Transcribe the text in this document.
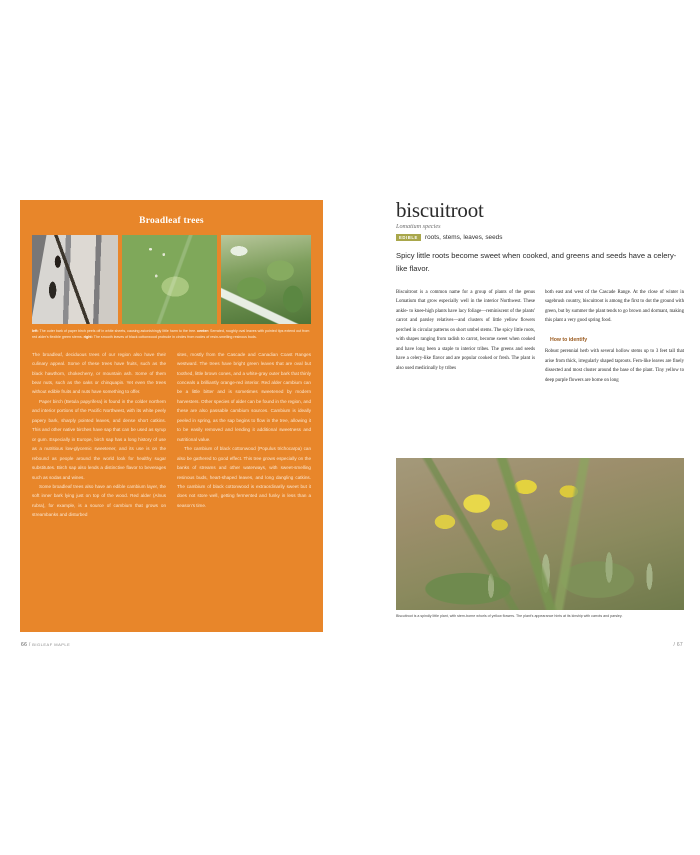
Broadleaf trees
left: The outer bark of paper birch peels off in white sheets, causing astonishingly little harm to the tree. center: Serrated, roughly oval leaves with pointed tips extend out from red alder's flexible green stems. right: The smooth leaves of black cottonwood protrude in circles from nodes of resin-smelling resinous buds.

The broadleaf, deciduous trees of our region also have their culinary appeal. Some of these trees have fruits, such as the black hawthorn, chokecherry, or mountain ash. Some of them bear nuts, such as the oaks or chinquapin. Yet even the trees without edible fruits and nuts have something to offer.

Paper birch (Betula papyrifera) is found in the colder northern and interior portions of the Pacific Northwest, with its white peely papery bark, sharply pointed leaves, and dense short catkins. This and other native birches have sap that can be used as syrup or gum. Especially in Europe, birch sap has a long history of use as a nutritious low-glycemic sweetener, and its use is on the rebound as people around the world look for healthy sugar substitutes. Birch sap also lends a distinctive flavor to beverages such as sodas and wines.

Some broadleaf trees also have an edible cambium layer, the soft inner bark lying just on top of the wood. Red alder (Alnus rubra), for example, is a source of cambium that grows on streambanks and disturbed

sites, mostly from the Cascade and Canadian Coast Ranges westward. The trees have bright green leaves that are oval but toothed, little brown cones, and a white-gray outer bark that thinly conceals a brilliantly orange-red interior. Red alder cambium can be a little bitter and is sometimes sweetened by modern harvesters. Other species of alder can be found in the region, and these are also passable cambium sources. Cambium is ideally peeled in spring, as the sap begins to flow in the tree, allowing it to be easily removed and lending it additional sweetness and nutritional value.

The cambium of black cottonwood (Populus trichocarpa) can also be gathered to good effect. This tree grows especially on the banks of streams and other waterways, with sweet-smelling resinous buds, heart-shaped leaves, and long dangling catkins. The cambium of black cottonwood is extraordinarily sweet but it does not store well, getting fermented and funky in less than a season's time.

66 / BIGLEAF MAPLE
biscuitroot
Lomatium species
EDIBLE	roots, stems, leaves, seeds

Spicy little roots become sweet when cooked, and greens and seeds have a celery-like flavor.

Biscuitroot is a common name for a group of plants of the genus Lomatium that grow especially well in the interior Northwest. These ankle- to knee-high plants have lacy foliage—reminiscent of the plants' carrot and parsley relatives—and clusters of little yellow flowers perched in circular patterns on short umbel stems. The spicy little roots, with shapes ranging from radish to carrot, become sweet when cooked and have long been a staple to interior tribes. The greens and seeds have a celery-like flavor and are popular cooked or fresh. The plant is also used medicinally by tribes

both east and west of the Cascade Range. At the close of winter in sagebrush country, biscuitroot is among the first to dot the ground with green, but by summer the plant tends to go brown and dormant, making this plant a very good spring food.

How to identify

Robust perennial herb with several hollow stems up to 3 feet tall that arise from thick, irregularly shaped taproots. Fern-like leaves are finely dissected and most cluster around the base of the plant. Tiny yellow to deep purple flowers are borne on long

Biscuitroot is a spindly little plant, with stem-borne whorls of yellow flowers. The plant's appearance hints at its kinship with carrots and parsley.
/ 67
